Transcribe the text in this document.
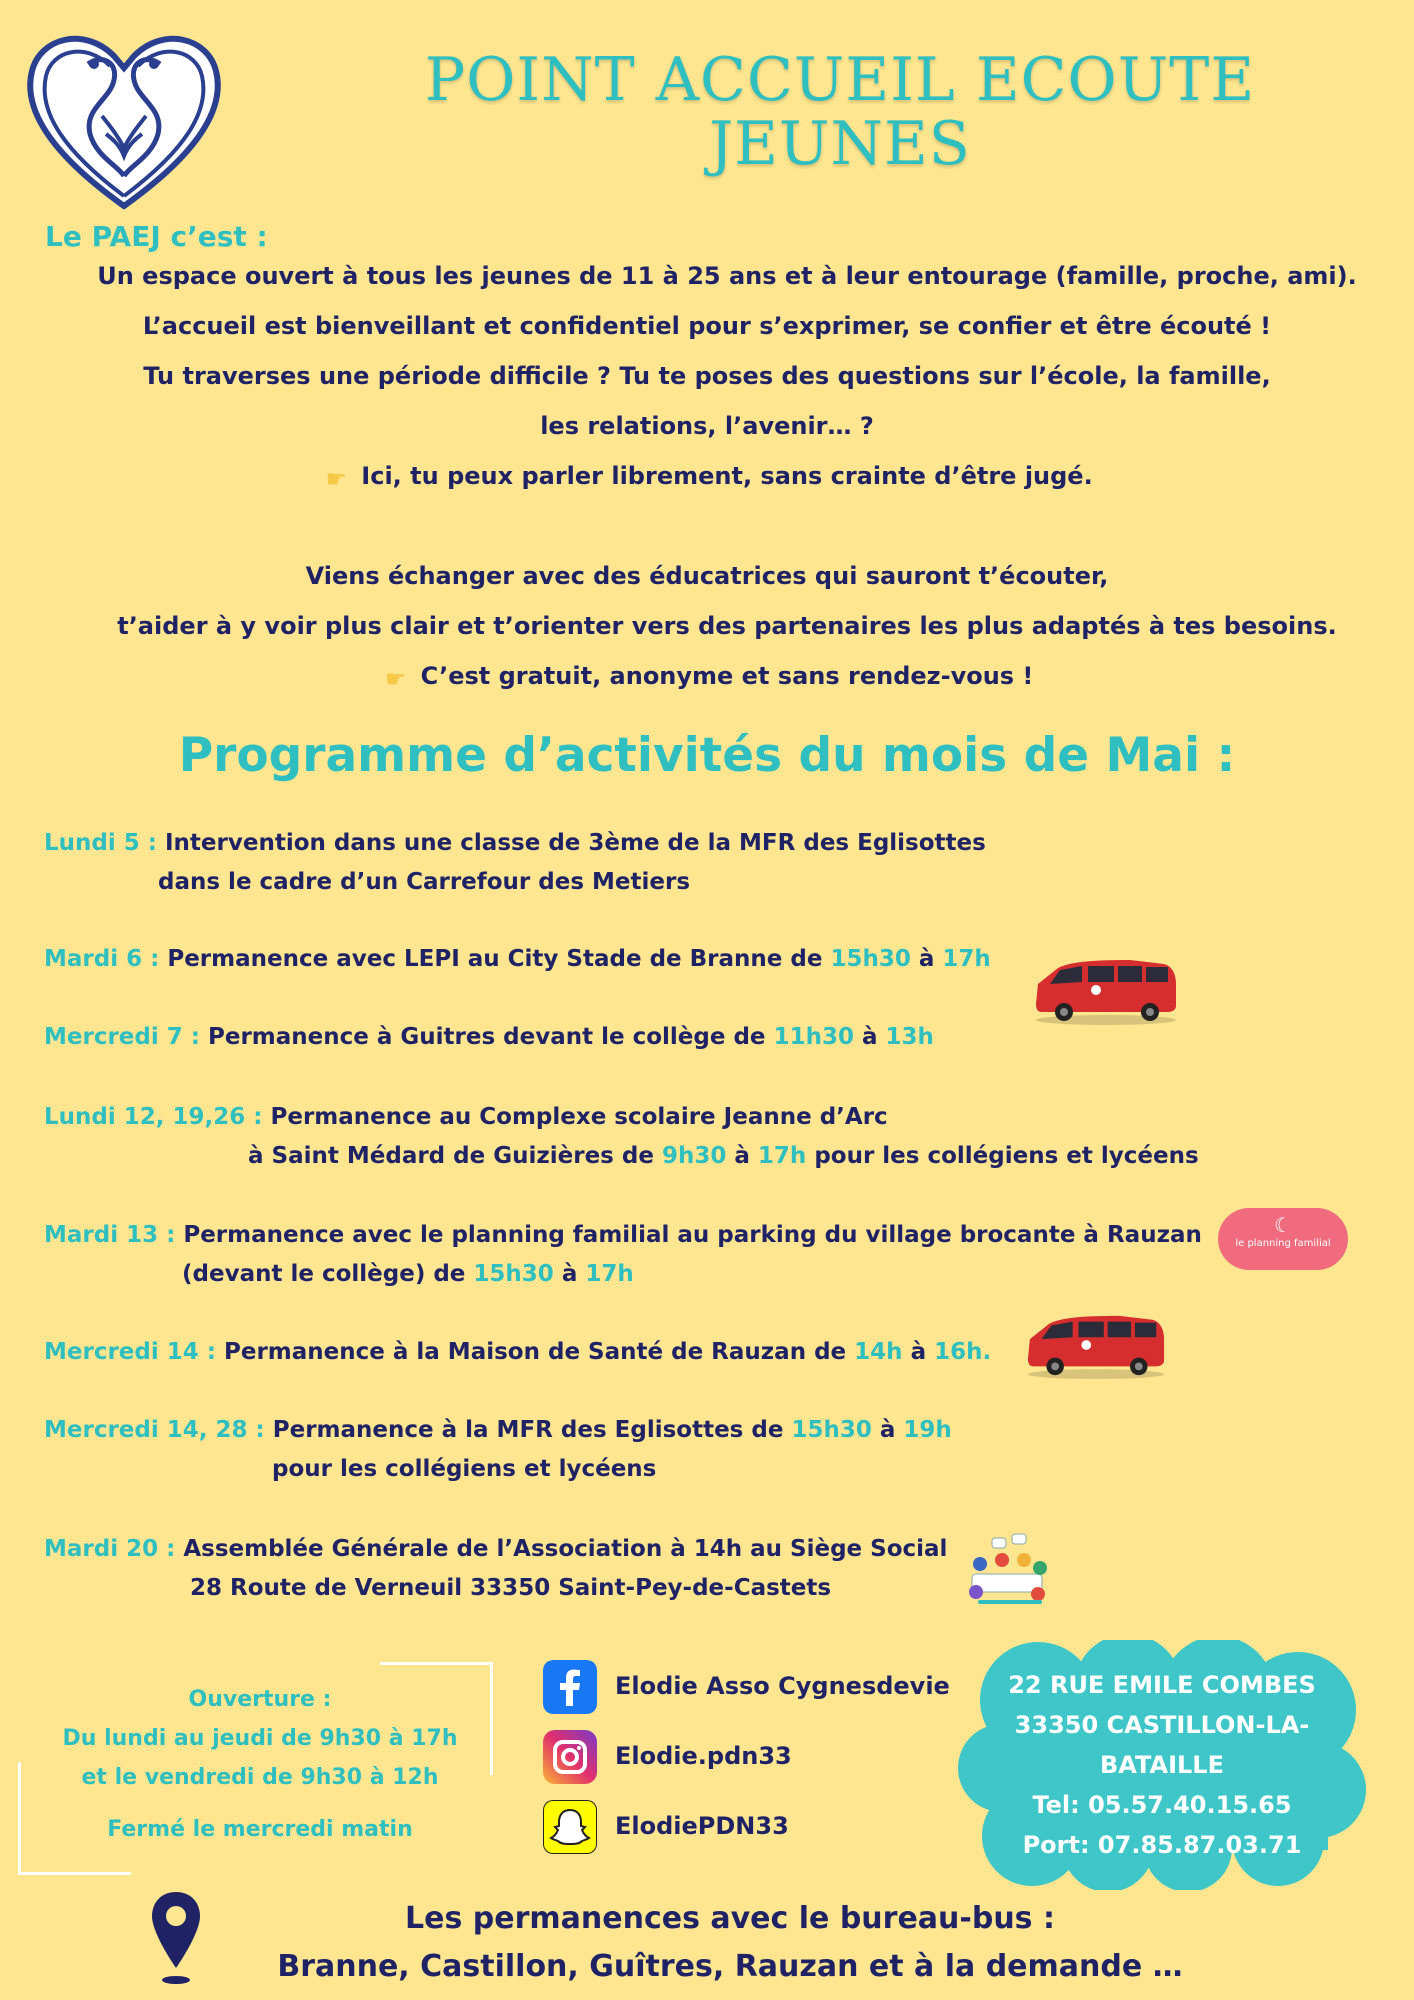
POINT ACCUEIL ECOUTE
JEUNES
Le PAEJ c’est :
Un espace ouvert à tous les jeunes de 11 à 25 ans et à leur entourage (famille, proche, ami).
L’accueil est bienveillant et confidentiel pour s’exprimer, se confier et être écouté !
Tu traverses une période difficile ? Tu te poses des questions sur l’école, la famille,
les relations, l’avenir… ?
☛ Ici, tu peux parler librement, sans crainte d’être jugé.
Viens échanger avec des éducatrices qui sauront t’écouter,
t’aider à y voir plus clair et t’orienter vers des partenaires les plus adaptés à tes besoins.
☛ C’est gratuit, anonyme et sans rendez-vous !
Programme d’activités du mois de Mai :
Lundi 5 : Intervention dans une classe de 3ème de la MFR des Eglisottes
dans le cadre d’un Carrefour des Metiers
Mardi 6 : Permanence avec LEPI au City Stade de Branne de 15h30 à 17h
Mercredi 7 : Permanence à Guitres devant le collège de 11h30 à 13h
Lundi 12, 19,26 : Permanence au Complexe scolaire Jeanne d’Arc
à Saint Médard de Guizières de 9h30 à 17h pour les collégiens et lycéens
Mardi 13 : Permanence avec le planning familial au parking du village brocante à Rauzan
(devant le collège) de 15h30 à 17h
Mercredi 14 : Permanence à la Maison de Santé de Rauzan de 14h à 16h.
Mercredi 14, 28 : Permanence à la MFR des Eglisottes de 15h30 à 19h
pour les collégiens et lycéens
Mardi 20 : Assemblée Générale de l’Association à 14h au Siège Social
28 Route de Verneuil 33350 Saint-Pey-de-Castets
☾
le planning familial
Ouverture :
Du lundi au jeudi de 9h30 à 17h
et le vendredi de 9h30 à 12h
Fermé le mercredi matin
Elodie Asso Cygnesdevie
Elodie.pdn33
ElodiePDN33
22 RUE EMILE COMBES
33350 CASTILLON-LA-BATAILLE
Tel: 05.57.40.15.65
Port: 07.85.87.03.71
Les permanences avec le bureau-bus :
Branne, Castillon, Guîtres, Rauzan et à la demande …
